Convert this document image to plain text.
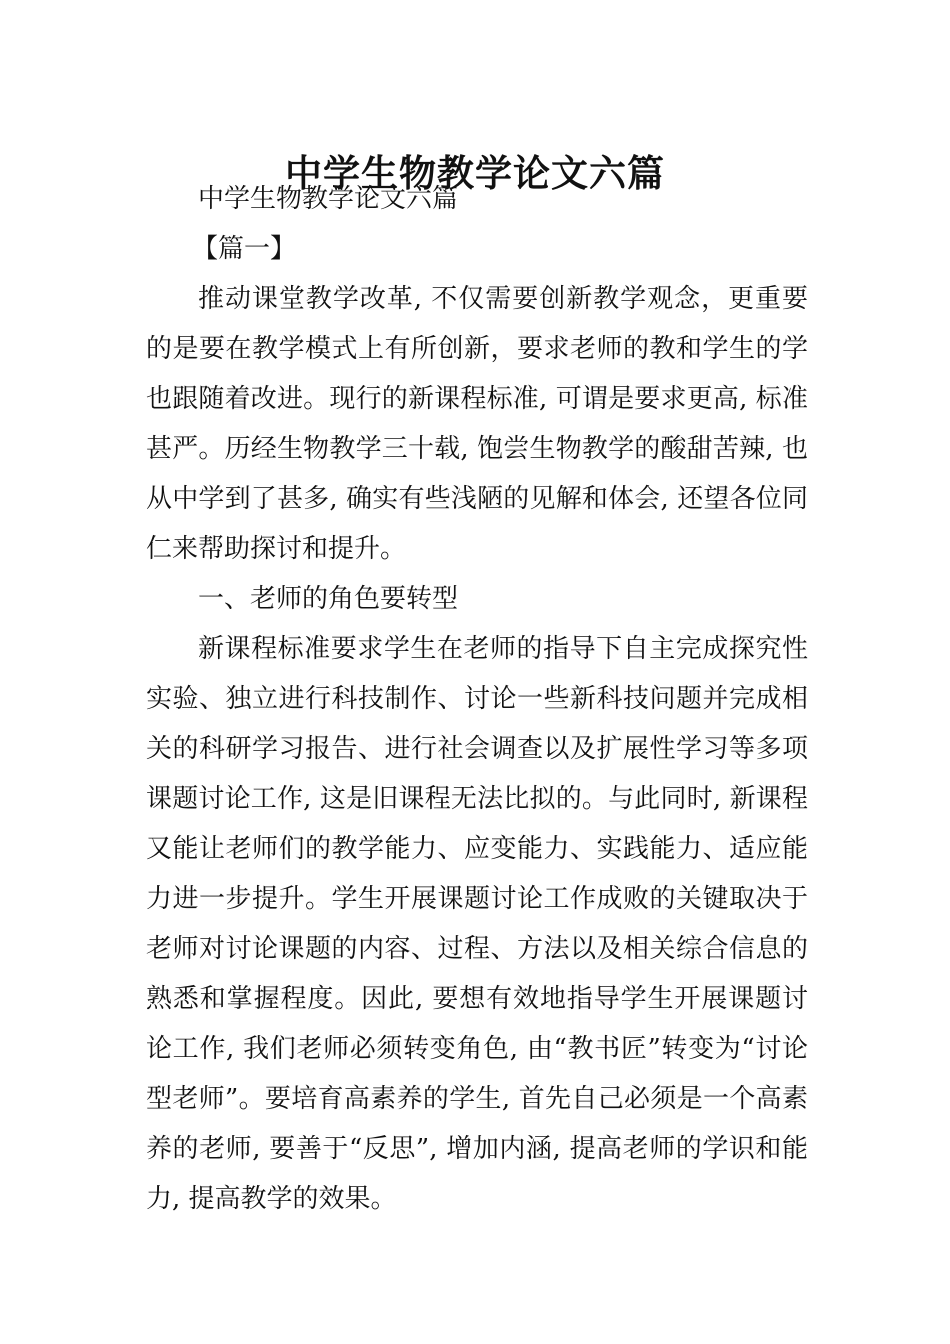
中学生物教学论文六篇

中学生物教学论文六篇

【篇一】

推动课堂教学改革, 不仅需要创新教学观念，更重要的是要在教学模式上有所创新，要求老师的教和学生的学也跟随着改进。现行的新课程标准, 可谓是要求更高, 标准甚严。历经生物教学三十载, 饱尝生物教学的酸甜苦辣, 也从中学到了甚多, 确实有些浅陋的见解和体会, 还望各位同仁来帮助探讨和提升。

一、老师的角色要转型

新课程标准要求学生在老师的指导下自主完成探究性实验、独立进行科技制作、讨论一些新科技问题并完成相关的科研学习报告、进行社会调查以及扩展性学习等多项课题讨论工作, 这是旧课程无法比拟的。与此同时, 新课程又能让老师们的教学能力、应变能力、实践能力、适应能力进一步提升。学生开展课题讨论工作成败的关键取决于老师对讨论课题的内容、过程、方法以及相关综合信息的熟悉和掌握程度。因此, 要想有效地指导学生开展课题讨论工作, 我们老师必须转变角色, 由“教书匠”转变为“讨论型老师”。要培育高素养的学生, 首先自己必须是一个高素养的老师, 要善于“反思”, 增加内涵, 提高老师的学识和能力, 提高教学的效果。
